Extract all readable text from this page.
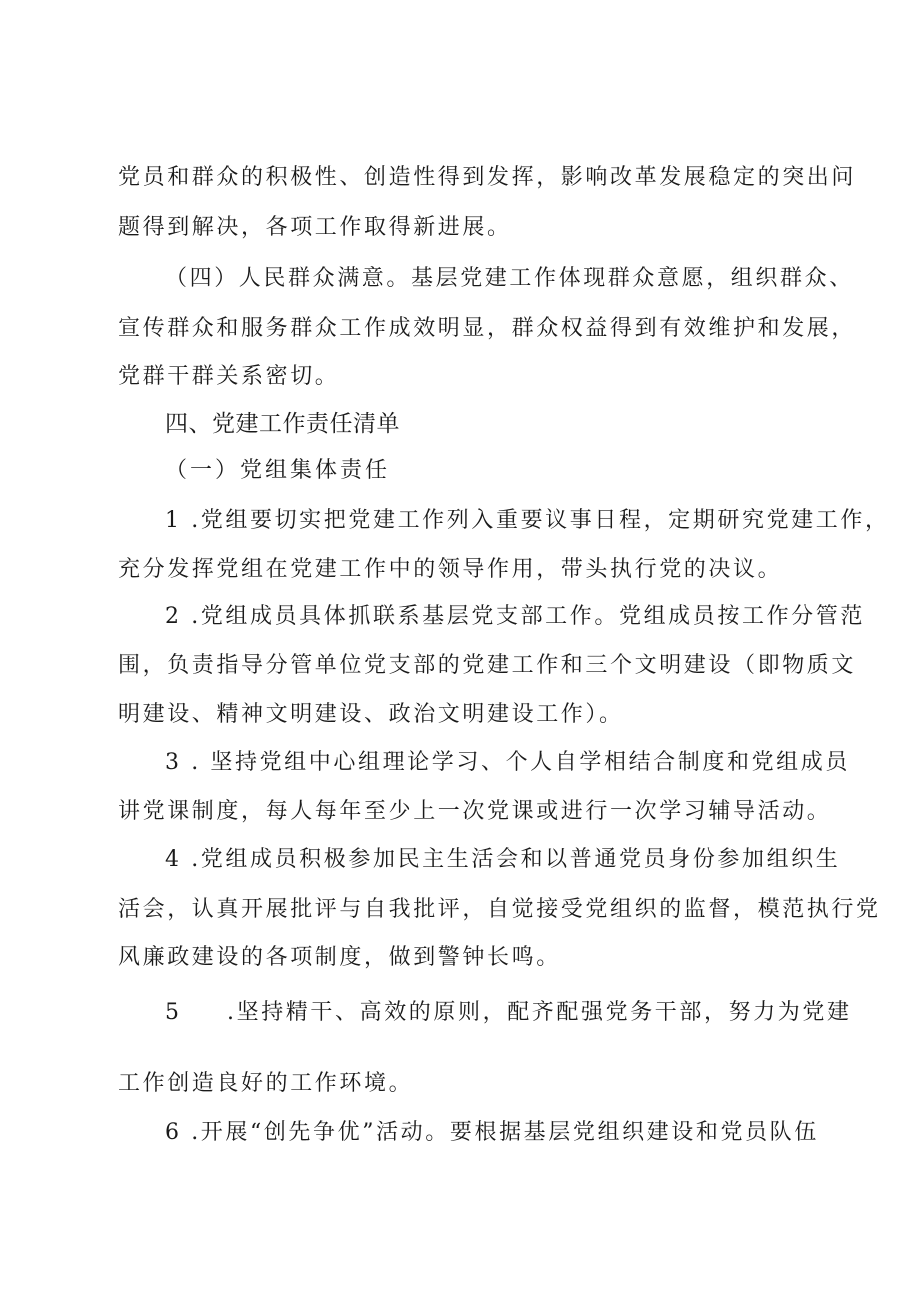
党员和群众的积极性、创造性得到发挥，影响改革发展稳定的突出问
题得到解决，各项工作取得新进展。
（四）人民群众满意。基层党建工作体现群众意愿，组织群众、
宣传群众和服务群众工作成效明显，群众权益得到有效维护和发展，
党群干群关系密切。
四、党建工作责任清单
（一）党组集体责任
1 .党组要切实把党建工作列入重要议事日程，定期研究党建工作，
充分发挥党组在党建工作中的领导作用，带头执行党的决议。
2 .党组成员具体抓联系基层党支部工作。党组成员按工作分管范
围，负责指导分管单位党支部的党建工作和三个文明建设（即物质文
明建设、精神文明建设、政治文明建设工作）。
3 . 坚持党组中心组理论学习、个人自学相结合制度和党组成员
讲党课制度，每人每年至少上一次党课或进行一次学习辅导活动。
4 .党组成员积极参加民主生活会和以普通党员身份参加组织生
活会，认真开展批评与自我批评，自觉接受党组织的监督，模范执行党
风廉政建设的各项制度，做到警钟长鸣。
5 .坚持精干、高效的原则，配齐配强党务干部，努力为党建
工作创造良好的工作环境。
6 .开展“创先争优”活动。要根据基层党组织建设和党员队伍
